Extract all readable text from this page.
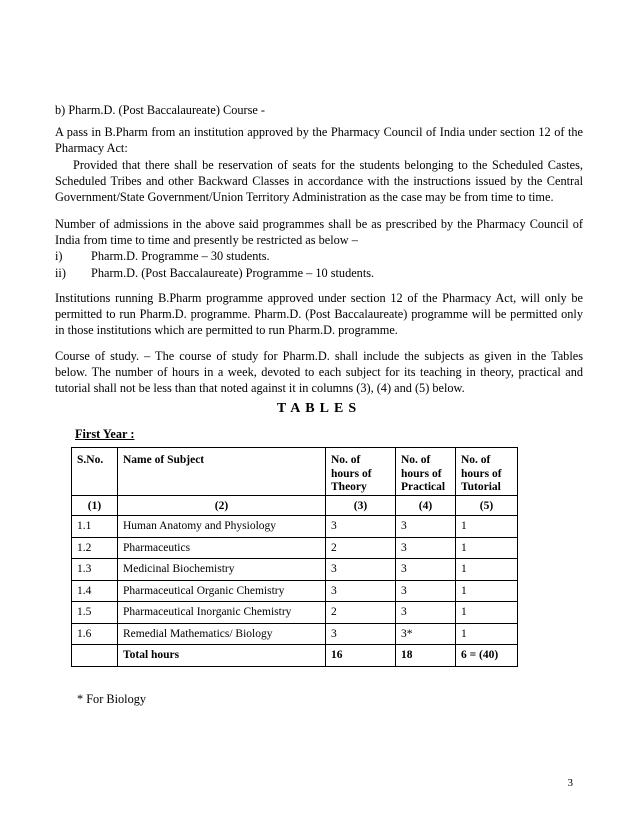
b) Pharm.D. (Post Baccalaureate) Course -

A pass in B.Pharm from an institution approved by the Pharmacy Council of India under section 12 of the Pharmacy Act:

Provided that there shall be reservation of seats for the students belonging to the Scheduled Castes, Scheduled Tribes and other Backward Classes in accordance with the instructions issued by the Central Government/State Government/Union Territory Administration as the case may be from time to time.

Number of admissions in the above said programmes shall be as prescribed by the Pharmacy Council of India from time to time and presently be restricted as below –

i)	Pharm.D. Programme – 30 students.
ii)	Pharm.D. (Post Baccalaureate) Programme – 10 students.
Institutions running B.Pharm programme approved under section 12 of the Pharmacy Act, will only be permitted to run Pharm.D. programme. Pharm.D. (Post Baccalaureate) programme will be permitted only in those institutions which are permitted to run Pharm.D. programme.
Course of study. – The course of study for Pharm.D. shall include the subjects as given in the Tables below. The number of hours in a week, devoted to each subject for its teaching in theory, practical and tutorial shall not be less than that noted against it in columns (3), (4) and (5) below.
TABLES
First Year :
S.No.	Name of Subject	No. of hours of Theory	No. of hours of Practical	No. of hours of Tutorial
(1)	(2)	(3)	(4)	(5)
1.1	Human Anatomy and Physiology	3	3	1
1.2	Pharmaceutics	2	3	1
1.3	Medicinal Biochemistry	3	3	1
1.4	Pharmaceutical Organic Chemistry	3	3	1
1.5	Pharmaceutical Inorganic Chemistry	2	3	1
1.6	Remedial Mathematics/ Biology	3	3*	1
	Total hours	16	18	6 = (40)
* For Biology
3
